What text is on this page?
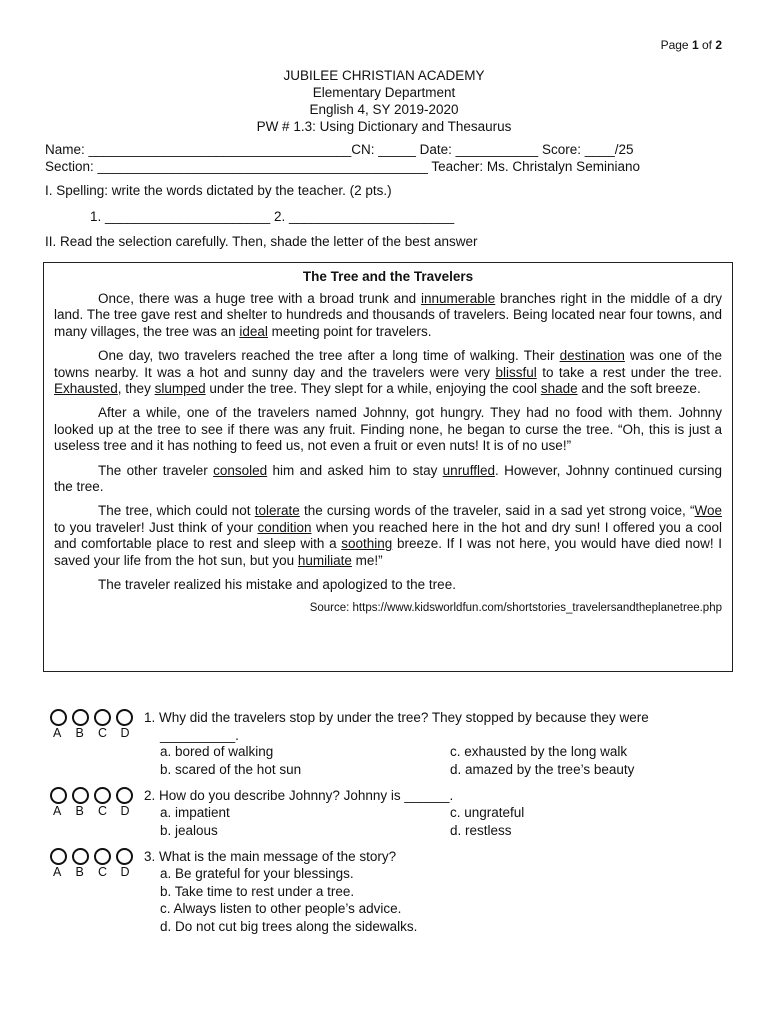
Page 1 of 2
JUBILEE CHRISTIAN ACADEMY
Elementary Department
English 4, SY 2019-2020
PW # 1.3: Using Dictionary and Thesaurus
Name: ___________________________________CN: _____ Date: ___________ Score: ____/25
Section: ____________________________________________ Teacher: Ms. Christalyn Seminiano
I. Spelling: write the words dictated by the teacher. (2 pts.)
1. ______________________ 2. ______________________
II. Read the selection carefully. Then, shade the letter of the best answer
The Tree and the Travelers

Once, there was a huge tree with a broad trunk and innumerable branches right in the middle of a dry land. The tree gave rest and shelter to hundreds and thousands of travelers. Being located near four towns, and many villages, the tree was an ideal meeting point for travelers.

One day, two travelers reached the tree after a long time of walking. Their destination was one of the towns nearby. It was a hot and sunny day and the travelers were very blissful to take a rest under the tree. Exhausted, they slumped under the tree. They slept for a while, enjoying the cool shade and the soft breeze.

After a while, one of the travelers named Johnny, got hungry. They had no food with them. Johnny looked up at the tree to see if there was any fruit. Finding none, he began to curse the tree. “Oh, this is just a useless tree and it has nothing to feed us, not even a fruit or even nuts! It is of no use!”

The other traveler consoled him and asked him to stay unruffled. However, Johnny continued cursing the tree.

The tree, which could not tolerate the cursing words of the traveler, said in a sad yet strong voice, “Woe to you traveler! Just think of your condition when you reached here in the hot and dry sun! I offered you a cool and comfortable place to rest and sleep with a soothing breeze. If I was not here, you would have died now! I saved your life from the hot sun, but you humiliate me!”

The traveler realized his mistake and apologized to the tree.

Source: https://www.kidsworldfun.com/shortstories_travelersandtheplanetree.php
A	B	C	D
1. Why did the travelers stop by under the tree? They stopped by because they were
__________.
a. bored of walking
b. scared of the hot sun
c. exhausted by the long walk
d. amazed by the tree’s beauty
A	B	C	D
2. How do you describe Johnny? Johnny is ______.
a. impatient
b. jealous
c. ungrateful
d. restless
A	B	C	D
3. What is the main message of the story?
a. Be grateful for your blessings.
b. Take time to rest under a tree.
c. Always listen to other people’s advice.
d. Do not cut big trees along the sidewalks.
